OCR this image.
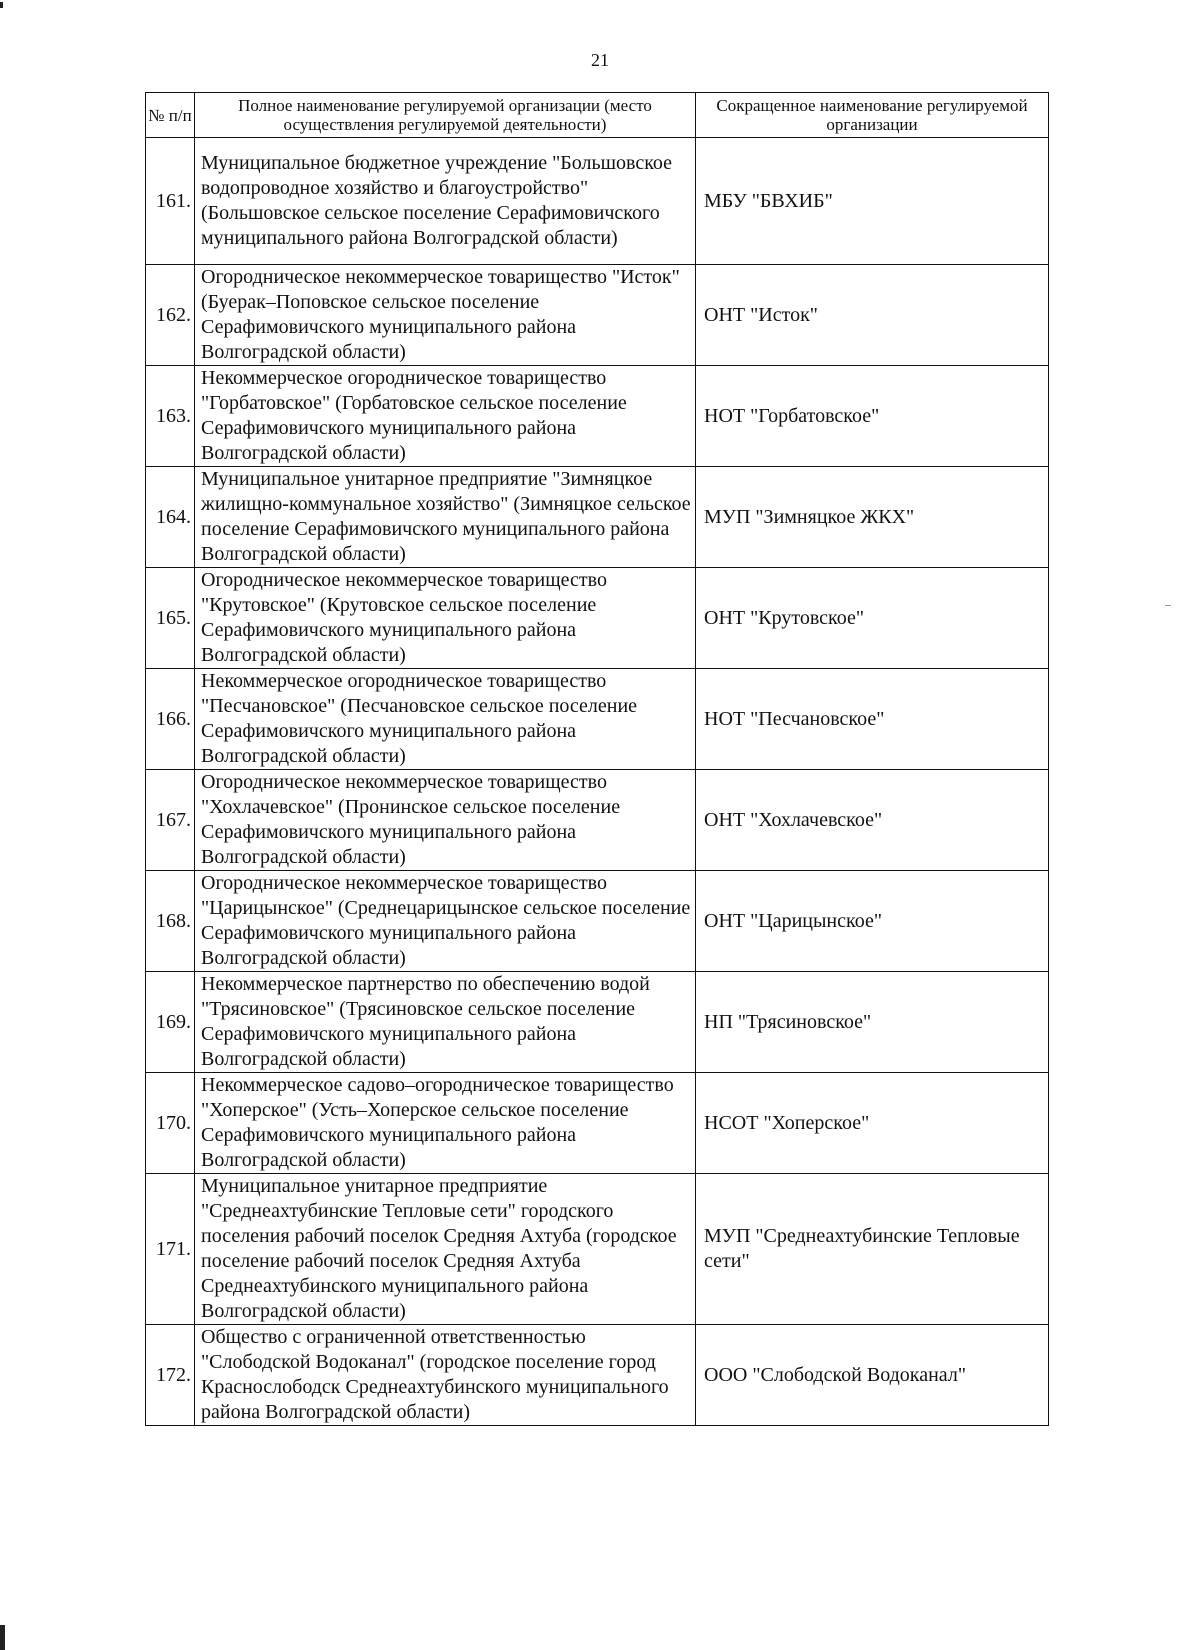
21
№ п/п	Полное наименование регулируемой организации (место осуществления регулируемой деятельности)	Сокращенное наименование регулируемой организации
161.	Муниципальное бюджетное учреждение "Большовское водопроводное хозяйство и благоустройство" (Большовское сельское поселение Серафимовичского муниципального района Волгоградской области)	МБУ "БВХИБ"
162.	Огородническое некоммерческое товарищество "Исток" (Буерак–Поповское сельское поселение Серафимовичского муниципального района Волгоградской области)	ОНТ "Исток"
163.	Некоммерческое огородническое товарищество "Горбатовское" (Горбатовское сельское поселение Серафимовичского муниципального района Волгоградской области)	НОТ "Горбатовское"
164.	Муниципальное унитарное предприятие "Зимняцкое жилищно-коммунальное хозяйство" (Зимняцкое сельское поселение Серафимовичского муниципального района Волгоградской области)	МУП "Зимняцкое ЖКХ"
165.	Огородническое некоммерческое товарищество "Крутовское" (Крутовское сельское поселение Серафимовичского муниципального района Волгоградской области)	ОНТ "Крутовское"
166.	Некоммерческое огородническое товарищество "Песчановское" (Песчановское сельское поселение Серафимовичского муниципального района Волгоградской области)	НОТ "Песчановское"
167.	Огородническое некоммерческое товарищество "Хохлачевское" (Пронинское сельское поселение Серафимовичского муниципального района Волгоградской области)	ОНТ "Хохлачевское"
168.	Огородническое некоммерческое товарищество "Царицынское" (Среднецарицынское сельское поселение Серафимовичского муниципального района Волгоградской области)	ОНТ "Царицынское"
169.	Некоммерческое партнерство по обеспечению водой "Трясиновское" (Трясиновское сельское поселение Серафимовичского муниципального района Волгоградской области)	НП "Трясиновское"
170.	Некоммерческое садово–огородническое товарищество "Хоперское" (Усть–Хоперское сельское поселение Серафимовичского муниципального района Волгоградской области)	НСОТ "Хоперское"
171.	Муниципальное унитарное предприятие "Среднеахтубинские Тепловые сети" городского поселения рабочий поселок Средняя Ахтуба (городское поселение рабочий поселок Средняя Ахтуба Среднеахтубинского муниципального района Волгоградской области)	МУП "Среднеахтубинские Тепловые сети"
172.	Общество с ограниченной ответственностью "Слободской Водоканал" (городское поселение город Краснослободск Среднеахтубинского муниципального района Волгоградской области)	ООО "Слободской Водоканал"
